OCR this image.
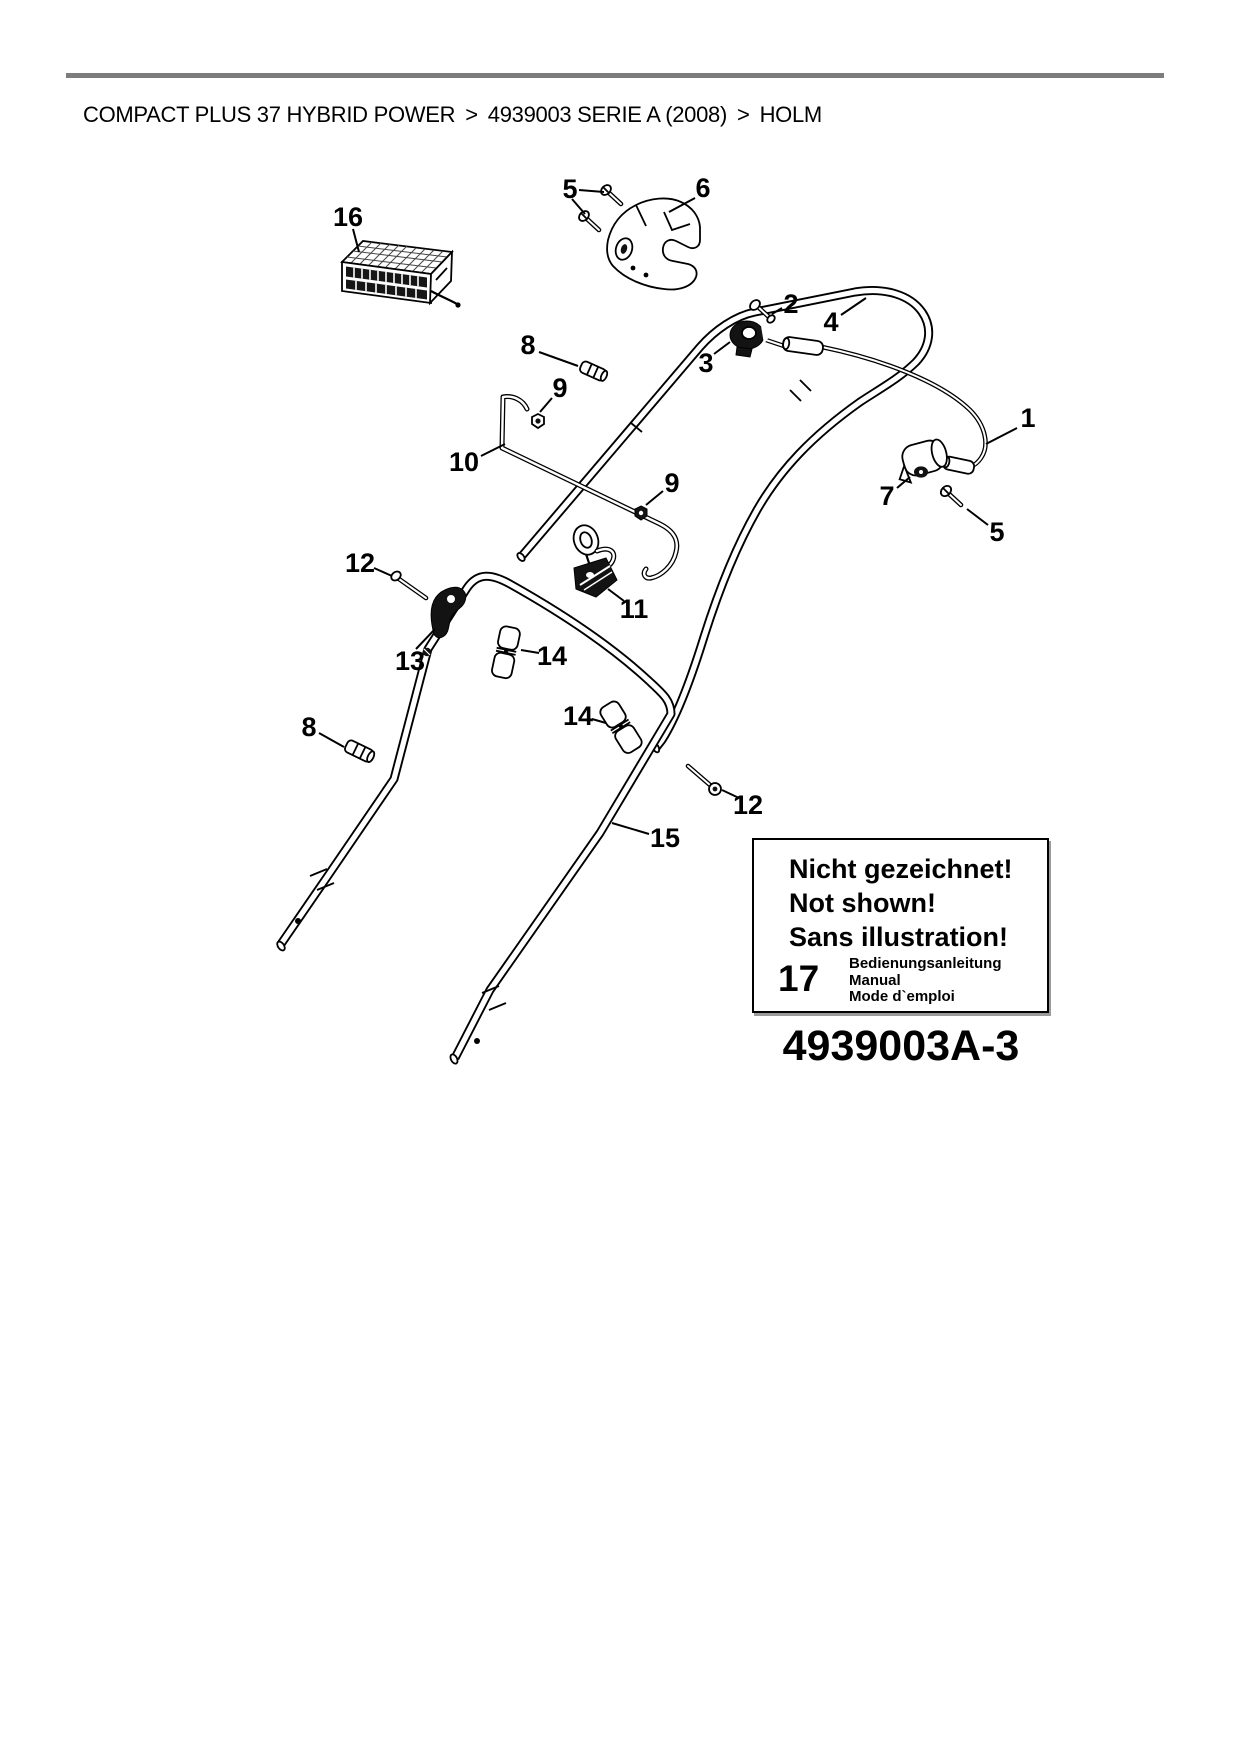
COMPACT PLUS 37 HYBRID POWER > 4939003 SERIE A (2008) > HOLM
16
5	6
2
4
3
8
9
10
9
1
7
5
12
13
11
14
8	14
15
12
Nicht gezeichnet!
Not shown!
Sans illustration!
17 Bedienungsanleitung
Manual
Mode d`emploi
4939003A-3
